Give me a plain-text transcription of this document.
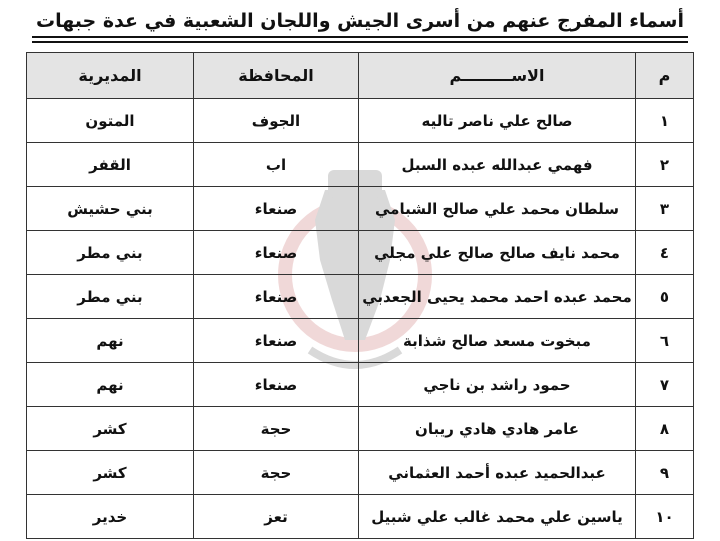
أسماء المفرج عنهم من أسرى الجيش واللجان الشعبية في عدة جبهات
م	الاســـــــــم	المحافظة	المديرية
١	صالح علي ناصر تاليه	الجوف	المتون
٢	فهمي عبدالله عبده السبل	اب	القفر
٣	سلطان محمد علي صالح الشبامي	صنعاء	بني حشيش
٤	محمد نايف صالح صالح علي مجلي	صنعاء	بني مطر
٥	محمد عبده احمد محمد يحيى الجعدبي	صنعاء	بني مطر
٦	مبخوت مسعد صالح شذابة	صنعاء	نهم
٧	حمود راشد بن ناجي	صنعاء	نهم
٨	عامر هادي هادي ريبان	حجة	كشر
٩	عبدالحميد عبده أحمد العثماني	حجة	كشر
١٠	ياسين علي محمد غالب علي شبيل	تعز	خدير
